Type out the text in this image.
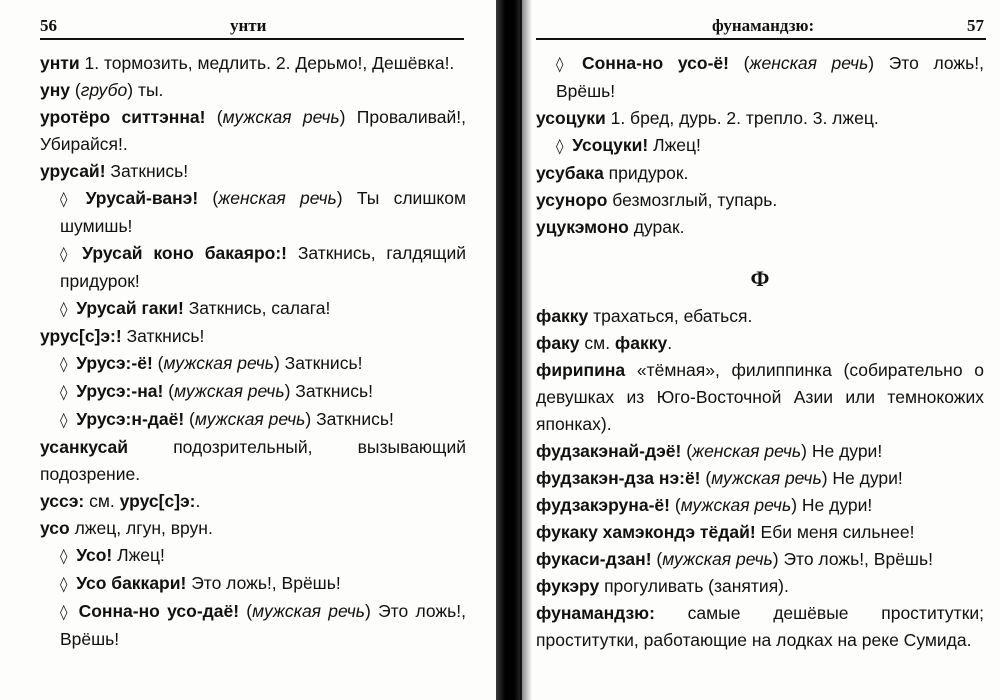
56	унти

унти 1. тормозить, медлить. 2. Дерьмо!, Дешёвка!.

уну (грубо) ты.

уротёро ситтэнна! (мужская речь) Проваливай!, Убирайся!.

урусай! Заткнись!

◊ Урусай-ванэ! (женская речь) Ты слишком шумишь!

◊ Урусай коно бакаяро:! Заткнись, галдящий придурок!

◊ Урусай гаки! Заткнись, салага!

урус[с]э:! Заткнись!

◊ Урусэ:-ё! (мужская речь) Заткнись!

◊ Урусэ:-на! (мужская речь) Заткнись!

◊ Урусэ:н-даё! (мужская речь) Заткнись!

усанкусай подозрительный, вызывающий подозрение.

уссэ: см. урус[с]э:.

усо лжец, лгун, врун.

◊ Усо! Лжец!

◊ Усо баккари! Это ложь!, Врёшь!

◊ Сонна-но усо-даё! (мужская речь) Это ложь!, Врёшь!

фунамандзю:	57

◊ Сонна-но усо-ё! (женская речь) Это ложь!, Врёшь!

усоцуки 1. бред, дурь. 2. трепло. 3. лжец.

◊ Усоцуки! Лжец!

усубака придурок.

усуноро безмозглый, тупарь.

уцукэмоно дурак.

Ф

факку трахаться, ебаться.

факу см. факку.

фирипина «тёмная», филиппинка (собирательно о девушках из Юго-Восточной Азии или темнокожих японках).

фудзакэнай-дэё! (женская речь) Не дури!

фудзакэн-дза нэ:ё! (мужская речь) Не дури!

фудзакэруна-ё! (мужская речь) Не дури!

фукаку хамэкондэ тёдай! Еби меня сильнее!

фукаси-дзан! (мужская речь) Это ложь!, Врёшь!

фукэру прогуливать (занятия).

фунамандзю: самые дешёвые проститутки; проститутки, работающие на лодках на реке Сумида.
